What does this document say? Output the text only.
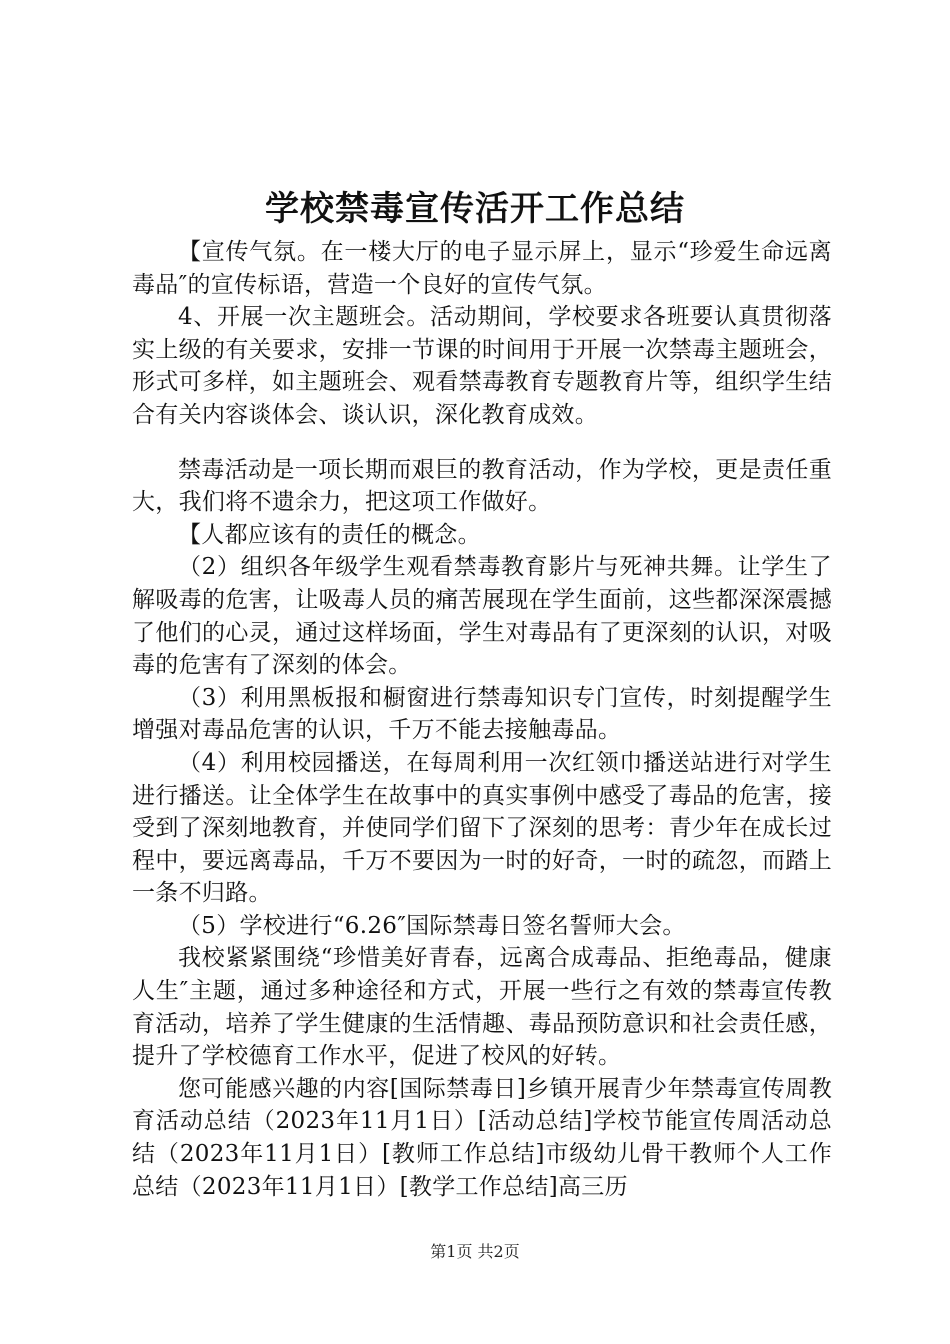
学校禁毒宣传活开工作总结

【宣传气氛。在一楼大厅的电子显示屏上，显示“珍爱生命远离毒品″的宣传标语，营造一个良好的宣传气氛。

4、开展一次主题班会。活动期间，学校要求各班要认真贯彻落实上级的有关要求，安排一节课的时间用于开展一次禁毒主题班会，形式可多样，如主题班会、观看禁毒教育专题教育片等，组织学生结合有关内容谈体会、谈认识，深化教育成效。

禁毒活动是一项长期而艰巨的教育活动，作为学校，更是责任重大，我们将不遗余力，把这项工作做好。

【人都应该有的责任的概念。

（2）组织各年级学生观看禁毒教育影片与死神共舞。让学生了解吸毒的危害，让吸毒人员的痛苦展现在学生面前，这些都深深震撼了他们的心灵，通过这样场面，学生对毒品有了更深刻的认识，对吸毒的危害有了深刻的体会。

（3）利用黑板报和橱窗进行禁毒知识专门宣传，时刻提醒学生增强对毒品危害的认识，千万不能去接触毒品。

（4）利用校园播送，在每周利用一次红领巾播送站进行对学生进行播送。让全体学生在故事中的真实事例中感受了毒品的危害，接受到了深刻地教育，并使同学们留下了深刻的思考：青少年在成长过程中，要远离毒品，千万不要因为一时的好奇，一时的疏忽，而踏上一条不归路。

（5）学校进行“6.26″国际禁毒日签名誓师大会。

我校紧紧围绕“珍惜美好青春，远离合成毒品、拒绝毒品，健康人生″主题，通过多种途径和方式，开展一些行之有效的禁毒宣传教育活动，培养了学生健康的生活情趣、毒品预防意识和社会责任感，提升了学校德育工作水平，促进了校风的好转。

您可能感兴趣的内容[国际禁毒日]乡镇开展青少年禁毒宣传周教育活动总结（2023年11月1日）[活动总结]学校节能宣传周活动总结（2023年11月1日）[教师工作总结]市级幼儿骨干教师个人工作总结（2023年11月1日）[教学工作总结]高三历

第1页 共2页
